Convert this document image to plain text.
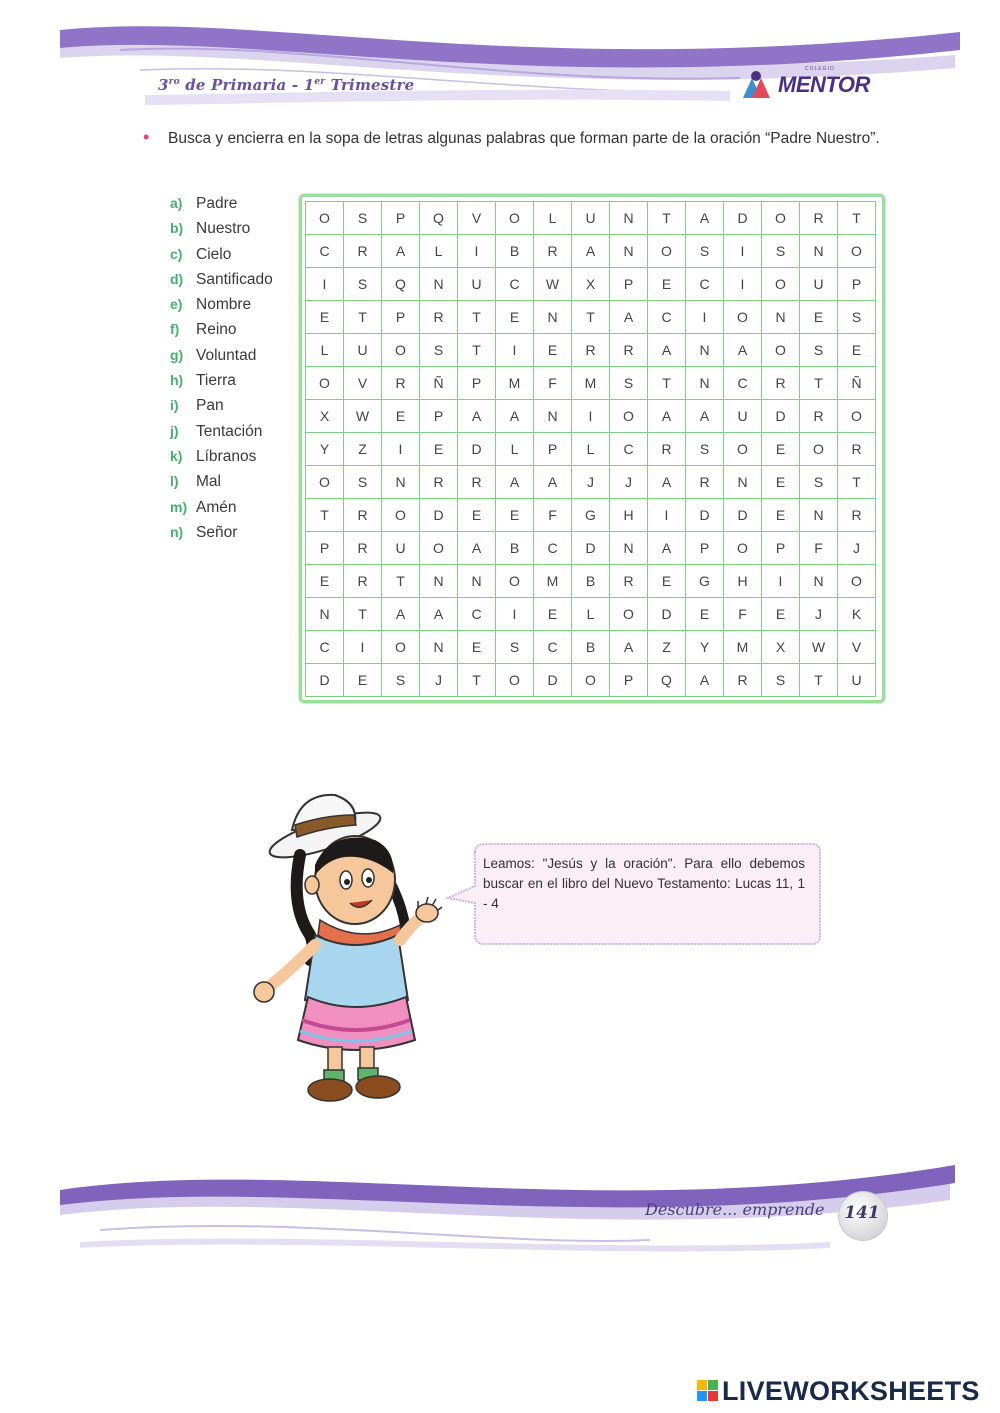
$3^{ro}$ de Primaria - 1er Trimestre
COLEGIO
MENTOR
• Busca y encierra en la sopa de letras algunas palabras que forman parte de la oración “Padre Nuestro”.
a) Padre
b) Nuestro
c) Cielo
d) Santificado
e) Nombre
f) Reino
g) Voluntad
h) Tierra
i) Pan
j) Tentación
k) Líbranos
l) Mal
m) Amén
n) Señor
O	S	P	Q	V	O	L	U	N	T	A	D	O	R	T
C	R	A	L	I	B	R	A	N	O	S	I	S	N	O
I	S	Q	N	U	C	W	X	P	E	C	I	O	U	P
E	T	P	R	T	E	N	T	A	C	I	O	N	E	S
L	U	O	S	T	I	E	R	R	A	N	A	O	S	E
O	V	R	Ñ	P	M	F	M	S	T	N	C	R	T	Ñ
X	W	E	P	A	A	N	I	O	A	A	U	D	R	O
Y	Z	I	E	D	L	P	L	C	R	S	O	E	O	R
O	S	N	R	R	A	A	J	J	A	R	N	E	S	T
T	R	O	D	E	E	F	G	H	I	D	D	E	N	R
P	R	U	O	A	B	C	D	N	A	P	O	P	F	J
E	R	T	N	N	O	M	B	R	E	G	H	I	N	O
N	T	A	A	C	I	E	L	O	D	E	F	E	J	K
C	I	O	N	E	S	C	B	A	Z	Y	M	X	W	V
D	E	S	J	T	O	D	O	P	Q	A	R	S	T	U
Leamos: "Jesús y la oración". Para ello debemos buscar en el libro del Nuevo Testamento: Lucas 11, 1 - 4
Descubre... emprende	141
LIVEWORKSHEETS
